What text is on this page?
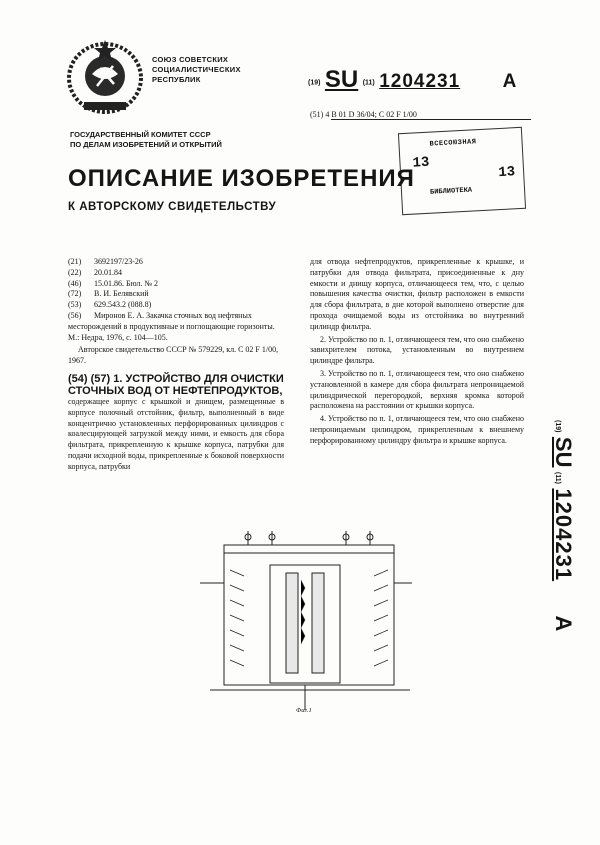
СОЮЗ СОВЕТСКИХ
СОЦИАЛИСТИЧЕСКИХ
РЕСПУБЛИК	(19) SU (11) 1204231 A
(51) 4 B 01 D 36/04; C 02 F 1/00
ГОСУДАРСТВЕННЫЙ КОМИТЕТ СССР
ПО ДЕЛАМ ИЗОБРЕТЕНИЙ И ОТКРЫТИЙ	ВСЕСОЮЗНАЯ
13
13
БИБЛИОТЕКА
ОПИСАНИЕ ИЗОБРЕТЕНИЯ
К АВТОРСКОМУ СВИДЕТЕЛЬСТВУ
(21) 3692197/23-26
(22) 20.01.84
(46) 15.01.86. Бюл. № 2
(72) В. И. Белявский
(53) 629.543.2 (088.8)
(56) Миронов Е. А. Закачка сточных вод нефтяных месторождений в продуктивные и поглощающие горизонты. М.: Недра, 1976, с. 104—105.

Авторское свидетельство СССР № 579229, кл. C 02 F 1/00, 1967.

(54) (57) 1. УСТРОЙСТВО ДЛЯ ОЧИСТКИ СТОЧНЫХ ВОД ОТ НЕФТЕПРОДУКТОВ,
содержащее корпус с крышкой и днищем, размещенные в корпусе полочный отстойник, фильтр, выполненный в виде концентрично установленных перфорированных цилиндров с коалесцирующей загрузкой между ними, и емкость для сбора фильтрата, прикрепленную к крышке корпуса, патрубки для подачи исходной воды, прикрепленные к боковой поверхности корпуса, патрубки

для отвода нефтепродуктов, прикрепленные к крышке, и патрубки для отвода фильтрата, присоединенные к дну емкости и днищу корпуса, отличающееся тем, что, с целью повышения качества очистки, фильтр расположен в емкости для сбора фильтрата, в дне которой выполнено отверстие для прохода очищаемой воды из отстойника во внутренний цилиндр фильтра.

2. Устройство по п. 1, отличающееся тем, что оно снабжено завихрителем потока, установленным во внутреннем цилиндре фильтра.

3. Устройство по п. 1, отличающееся тем, что оно снабжено установленной в камере для сбора фильтрата непроницаемой цилиндрической перегородкой, верхняя кромка которой расположена на расстоянии от крышки корпуса.

4. Устройство по п. 1, отличающееся тем, что оно снабжено непроницаемым цилиндром, прикрепленным к внешнему перфорированному цилиндру фильтра и крышке корпуса.

(19) SU (11) 1204231 A
Фиг.1
